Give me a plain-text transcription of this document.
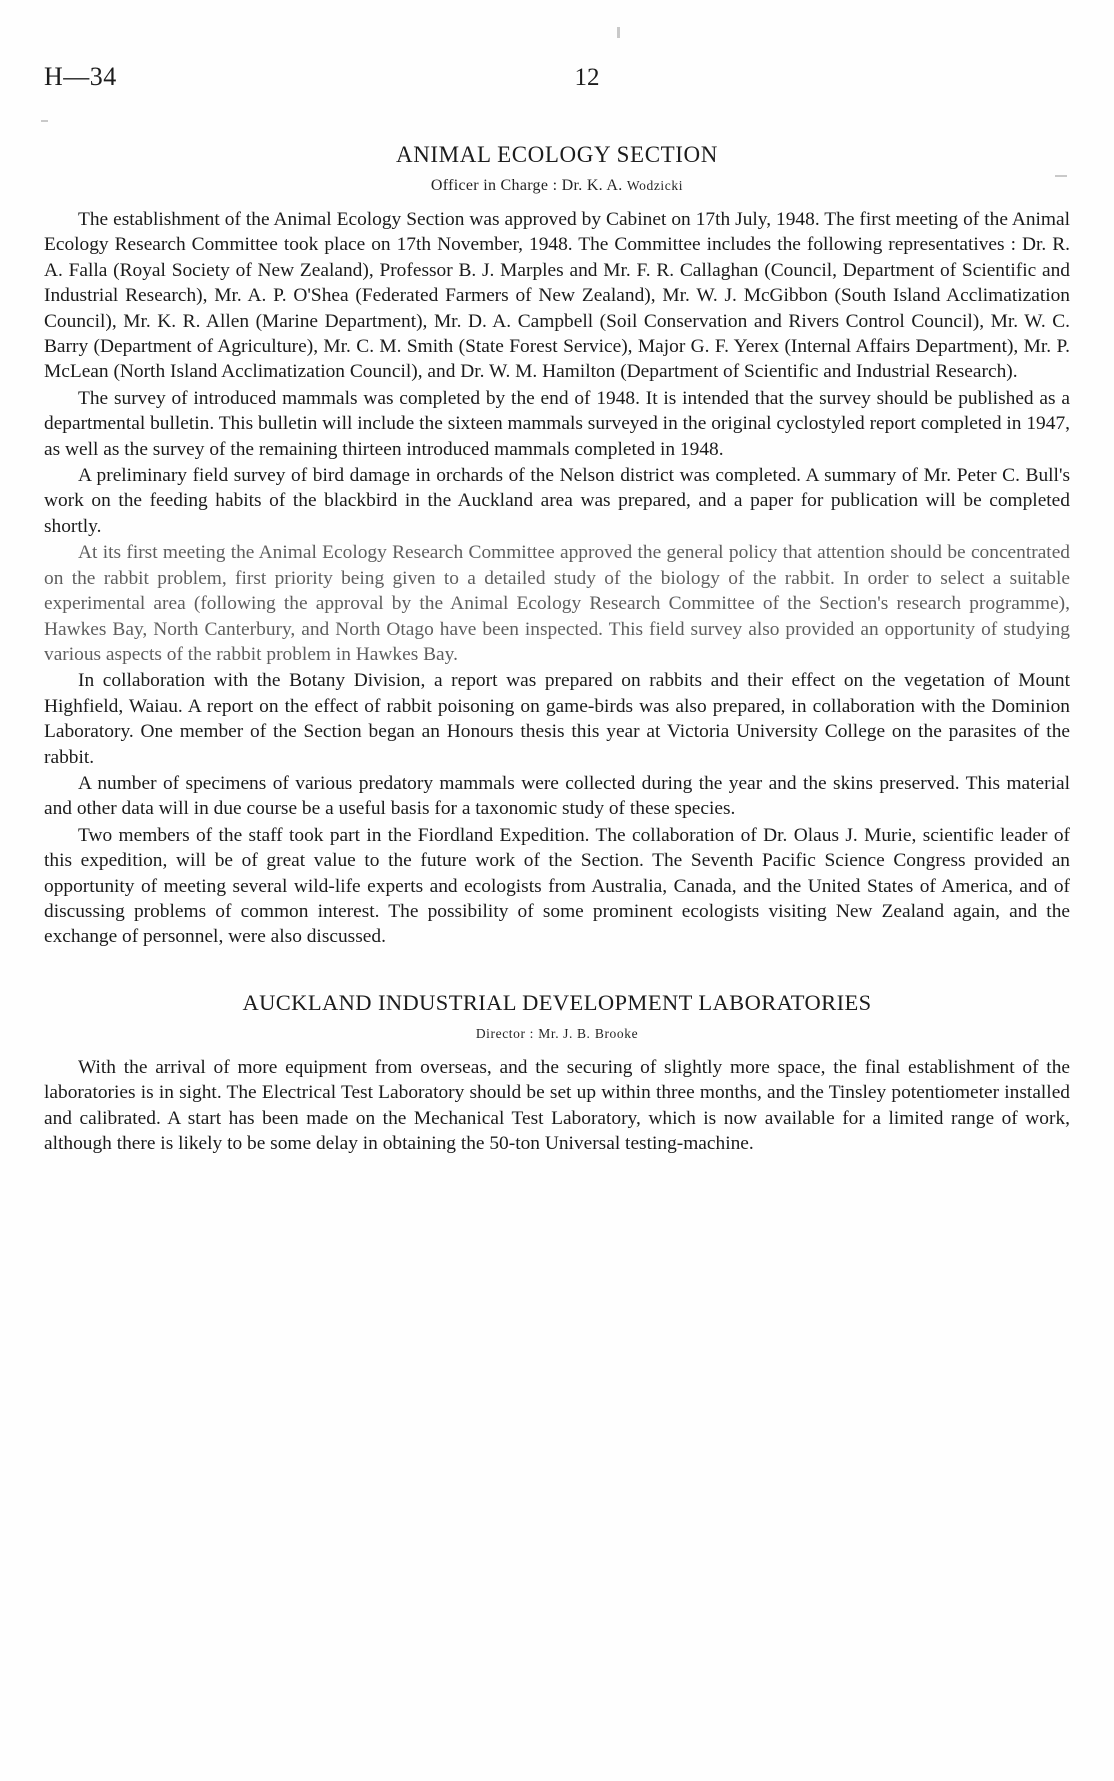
H—34	12
ANIMAL ECOLOGY SECTION
Officer in Charge : Dr. K. A. Wodzicki

The establishment of the Animal Ecology Section was approved by Cabinet on 17th July, 1948. The first meeting of the Animal Ecology Research Committee took place on 17th November, 1948. The Committee includes the following representatives : Dr. R. A. Falla (Royal Society of New Zealand), Professor B. J. Marples and Mr. F. R. Callaghan (Council, Department of Scientific and Industrial Research), Mr. A. P. O'Shea (Federated Farmers of New Zealand), Mr. W. J. McGibbon (South Island Acclimatization Council), Mr. K. R. Allen (Marine Department), Mr. D. A. Campbell (Soil Conservation and Rivers Control Council), Mr. W. C. Barry (Department of Agriculture), Mr. C. M. Smith (State Forest Service), Major G. F. Yerex (Internal Affairs Department), Mr. P. McLean (North Island Acclimatization Council), and Dr. W. M. Hamilton (Department of Scientific and Industrial Research).

The survey of introduced mammals was completed by the end of 1948. It is intended that the survey should be published as a departmental bulletin. This bulletin will include the sixteen mammals surveyed in the original cyclostyled report completed in 1947, as well as the survey of the remaining thirteen introduced mammals completed in 1948.

A preliminary field survey of bird damage in orchards of the Nelson district was completed. A summary of Mr. Peter C. Bull's work on the feeding habits of the blackbird in the Auckland area was prepared, and a paper for publication will be completed shortly.

At its first meeting the Animal Ecology Research Committee approved the general policy that attention should be concentrated on the rabbit problem, first priority being given to a detailed study of the biology of the rabbit. In order to select a suitable experimental area (following the approval by the Animal Ecology Research Committee of the Section's research programme), Hawkes Bay, North Canterbury, and North Otago have been inspected. This field survey also provided an opportunity of studying various aspects of the rabbit problem in Hawkes Bay.

In collaboration with the Botany Division, a report was prepared on rabbits and their effect on the vegetation of Mount Highfield, Waiau. A report on the effect of rabbit poisoning on game-birds was also prepared, in collaboration with the Dominion Laboratory. One member of the Section began an Honours thesis this year at Victoria University College on the parasites of the rabbit.

A number of specimens of various predatory mammals were collected during the year and the skins preserved. This material and other data will in due course be a useful basis for a taxonomic study of these species.

Two members of the staff took part in the Fiordland Expedition. The collaboration of Dr. Olaus J. Murie, scientific leader of this expedition, will be of great value to the future work of the Section. The Seventh Pacific Science Congress provided an opportunity of meeting several wild-life experts and ecologists from Australia, Canada, and the United States of America, and of discussing problems of common interest. The possibility of some prominent ecologists visiting New Zealand again, and the exchange of personnel, were also discussed.

AUCKLAND INDUSTRIAL DEVELOPMENT LABORATORIES
Director : Mr. J. B. Brooke

With the arrival of more equipment from overseas, and the securing of slightly more space, the final establishment of the laboratories is in sight. The Electrical Test Laboratory should be set up within three months, and the Tinsley potentiometer installed and calibrated. A start has been made on the Mechanical Test Laboratory, which is now available for a limited range of work, although there is likely to be some delay in obtaining the 50-ton Universal testing-machine.
